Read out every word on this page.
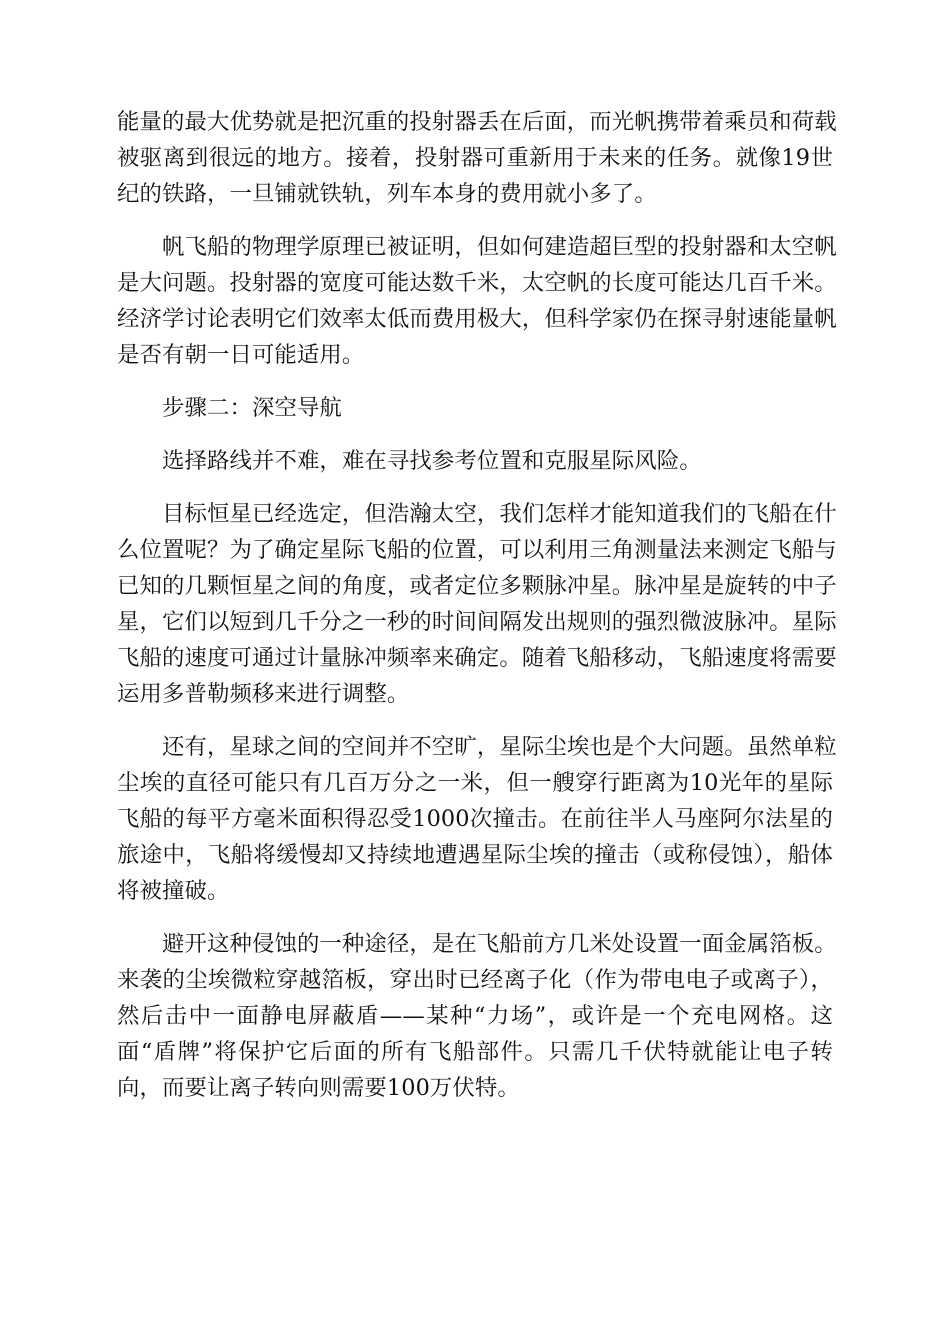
能量的最大优势就是把沉重的投射器丢在后面，而光帆携带着乘员和荷载
被驱离到很远的地方。接着，投射器可重新用于未来的任务。就像19世
纪的铁路，一旦铺就铁轨，列车本身的费用就小多了。

帆飞船的物理学原理已被证明，但如何建造超巨型的投射器和太空帆
是大问题。投射器的宽度可能达数千米，太空帆的长度可能达几百千米。
经济学讨论表明它们效率太低而费用极大，但科学家仍在探寻射速能量帆
是否有朝一日可能适用。

步骤二：深空导航

选择路线并不难，难在寻找参考位置和克服星际风险。

目标恒星已经选定，但浩瀚太空，我们怎样才能知道我们的飞船在什
么位置呢？为了确定星际飞船的位置，可以利用三角测量法来测定飞船与
已知的几颗恒星之间的角度，或者定位多颗脉冲星。脉冲星是旋转的中子
星，它们以短到几千分之一秒的时间间隔发出规则的强烈微波脉冲。星际
飞船的速度可通过计量脉冲频率来确定。随着飞船移动，飞船速度将需要
运用多普勒频移来进行调整。

还有，星球之间的空间并不空旷，星际尘埃也是个大问题。虽然单粒
尘埃的直径可能只有几百万分之一米，但一艘穿行距离为10光年的星际
飞船的每平方毫米面积得忍受1000次撞击。在前往半人马座阿尔法星的
旅途中，飞船将缓慢却又持续地遭遇星际尘埃的撞击（或称侵蚀），船体
将被撞破。

避开这种侵蚀的一种途径，是在飞船前方几米处设置一面金属箔板。
来袭的尘埃微粒穿越箔板，穿出时已经离子化（作为带电电子或离子），
然后击中一面静电屏蔽盾——某种“力场”，或许是一个充电网格。这
面“盾牌”将保护它后面的所有飞船部件。只需几千伏特就能让电子转
向，而要让离子转向则需要100万伏特。
